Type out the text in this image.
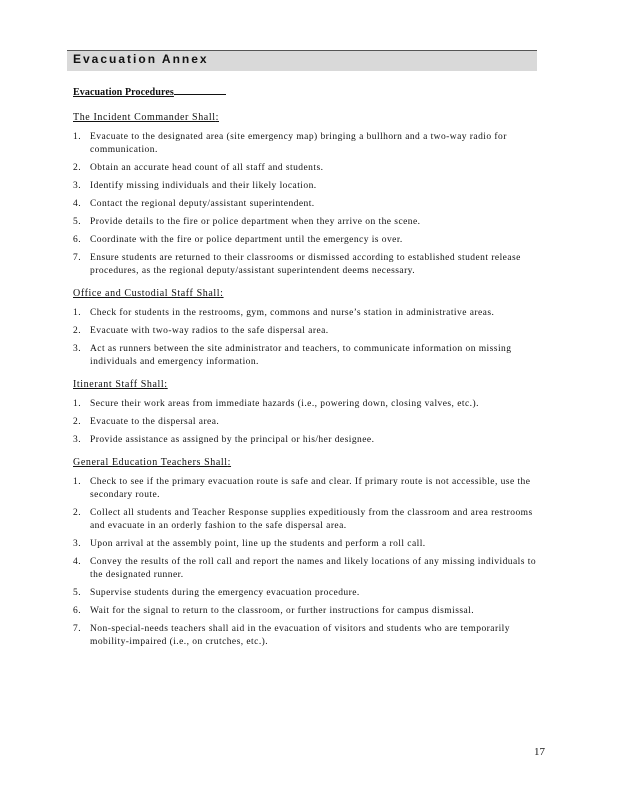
Evacuation Annex
Evacuation Procedures
The Incident Commander Shall:
1. Evacuate to the designated area (site emergency map) bringing a bullhorn and a two-way radio for communication.
2. Obtain an accurate head count of all staff and students.
3. Identify missing individuals and their likely location.
4. Contact the regional deputy/assistant superintendent.
5. Provide details to the fire or police department when they arrive on the scene.
6. Coordinate with the fire or police department until the emergency is over.
7. Ensure students are returned to their classrooms or dismissed according to established student release procedures, as the regional deputy/assistant superintendent deems necessary.
Office and Custodial Staff Shall:
1. Check for students in the restrooms, gym, commons and nurse’s station in administrative areas.
2. Evacuate with two-way radios to the safe dispersal area.
3. Act as runners between the site administrator and teachers, to communicate information on missing individuals and emergency information.
Itinerant Staff Shall:
1. Secure their work areas from immediate hazards (i.e., powering down, closing valves, etc.).
2. Evacuate to the dispersal area.
3. Provide assistance as assigned by the principal or his/her designee.
General Education Teachers Shall:
1. Check to see if the primary evacuation route is safe and clear. If primary route is not accessible, use the secondary route.
2. Collect all students and Teacher Response supplies expeditiously from the classroom and area restrooms and evacuate in an orderly fashion to the safe dispersal area.
3. Upon arrival at the assembly point, line up the students and perform a roll call.
4. Convey the results of the roll call and report the names and likely locations of any missing individuals to the designated runner.
5. Supervise students during the emergency evacuation procedure.
6. Wait for the signal to return to the classroom, or further instructions for campus dismissal.
7. Non-special-needs teachers shall aid in the evacuation of visitors and students who are temporarily mobility-impaired (i.e., on crutches, etc.).
17
